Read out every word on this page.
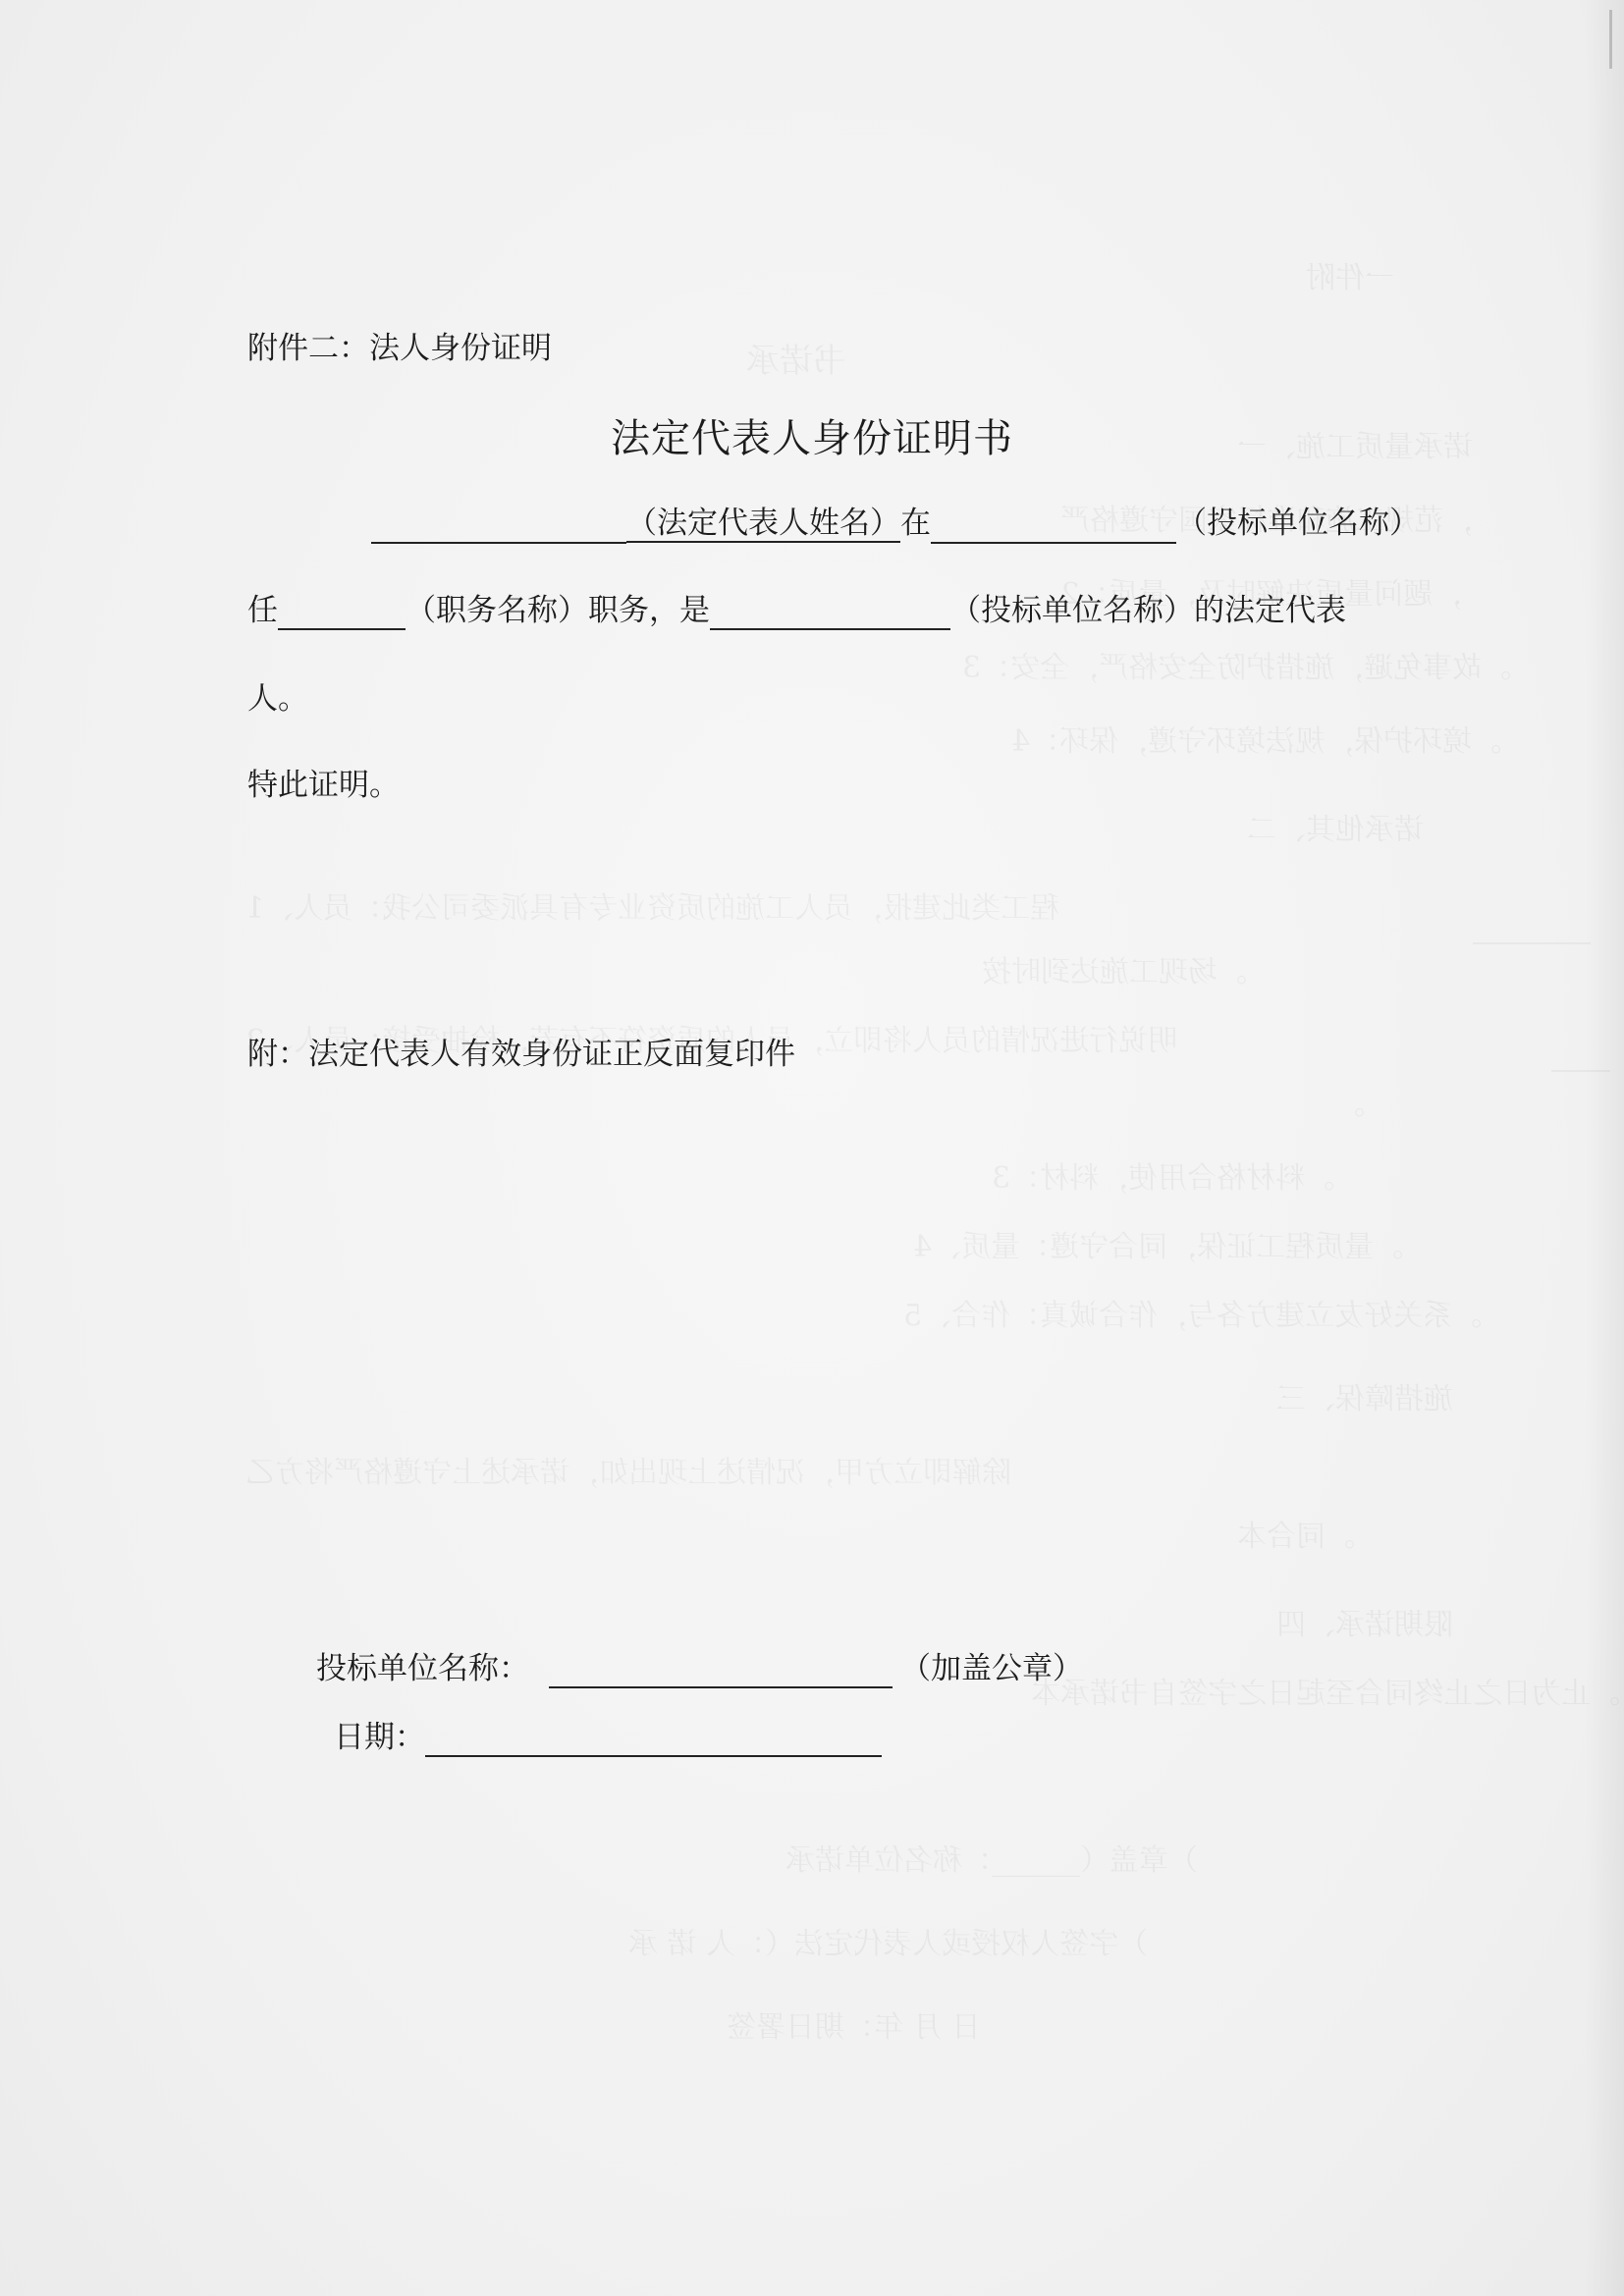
附件二：法人身份证明
法定代表人身份证明书
（法定代表人姓名）在	（投标单位名称）
任	（职务名称）职务，是	（投标单位名称）的法定代表
人。
特此证明。
附：法定代表人有效身份证正反面复印件
投标单位名称：	（加盖公章）
日期：
